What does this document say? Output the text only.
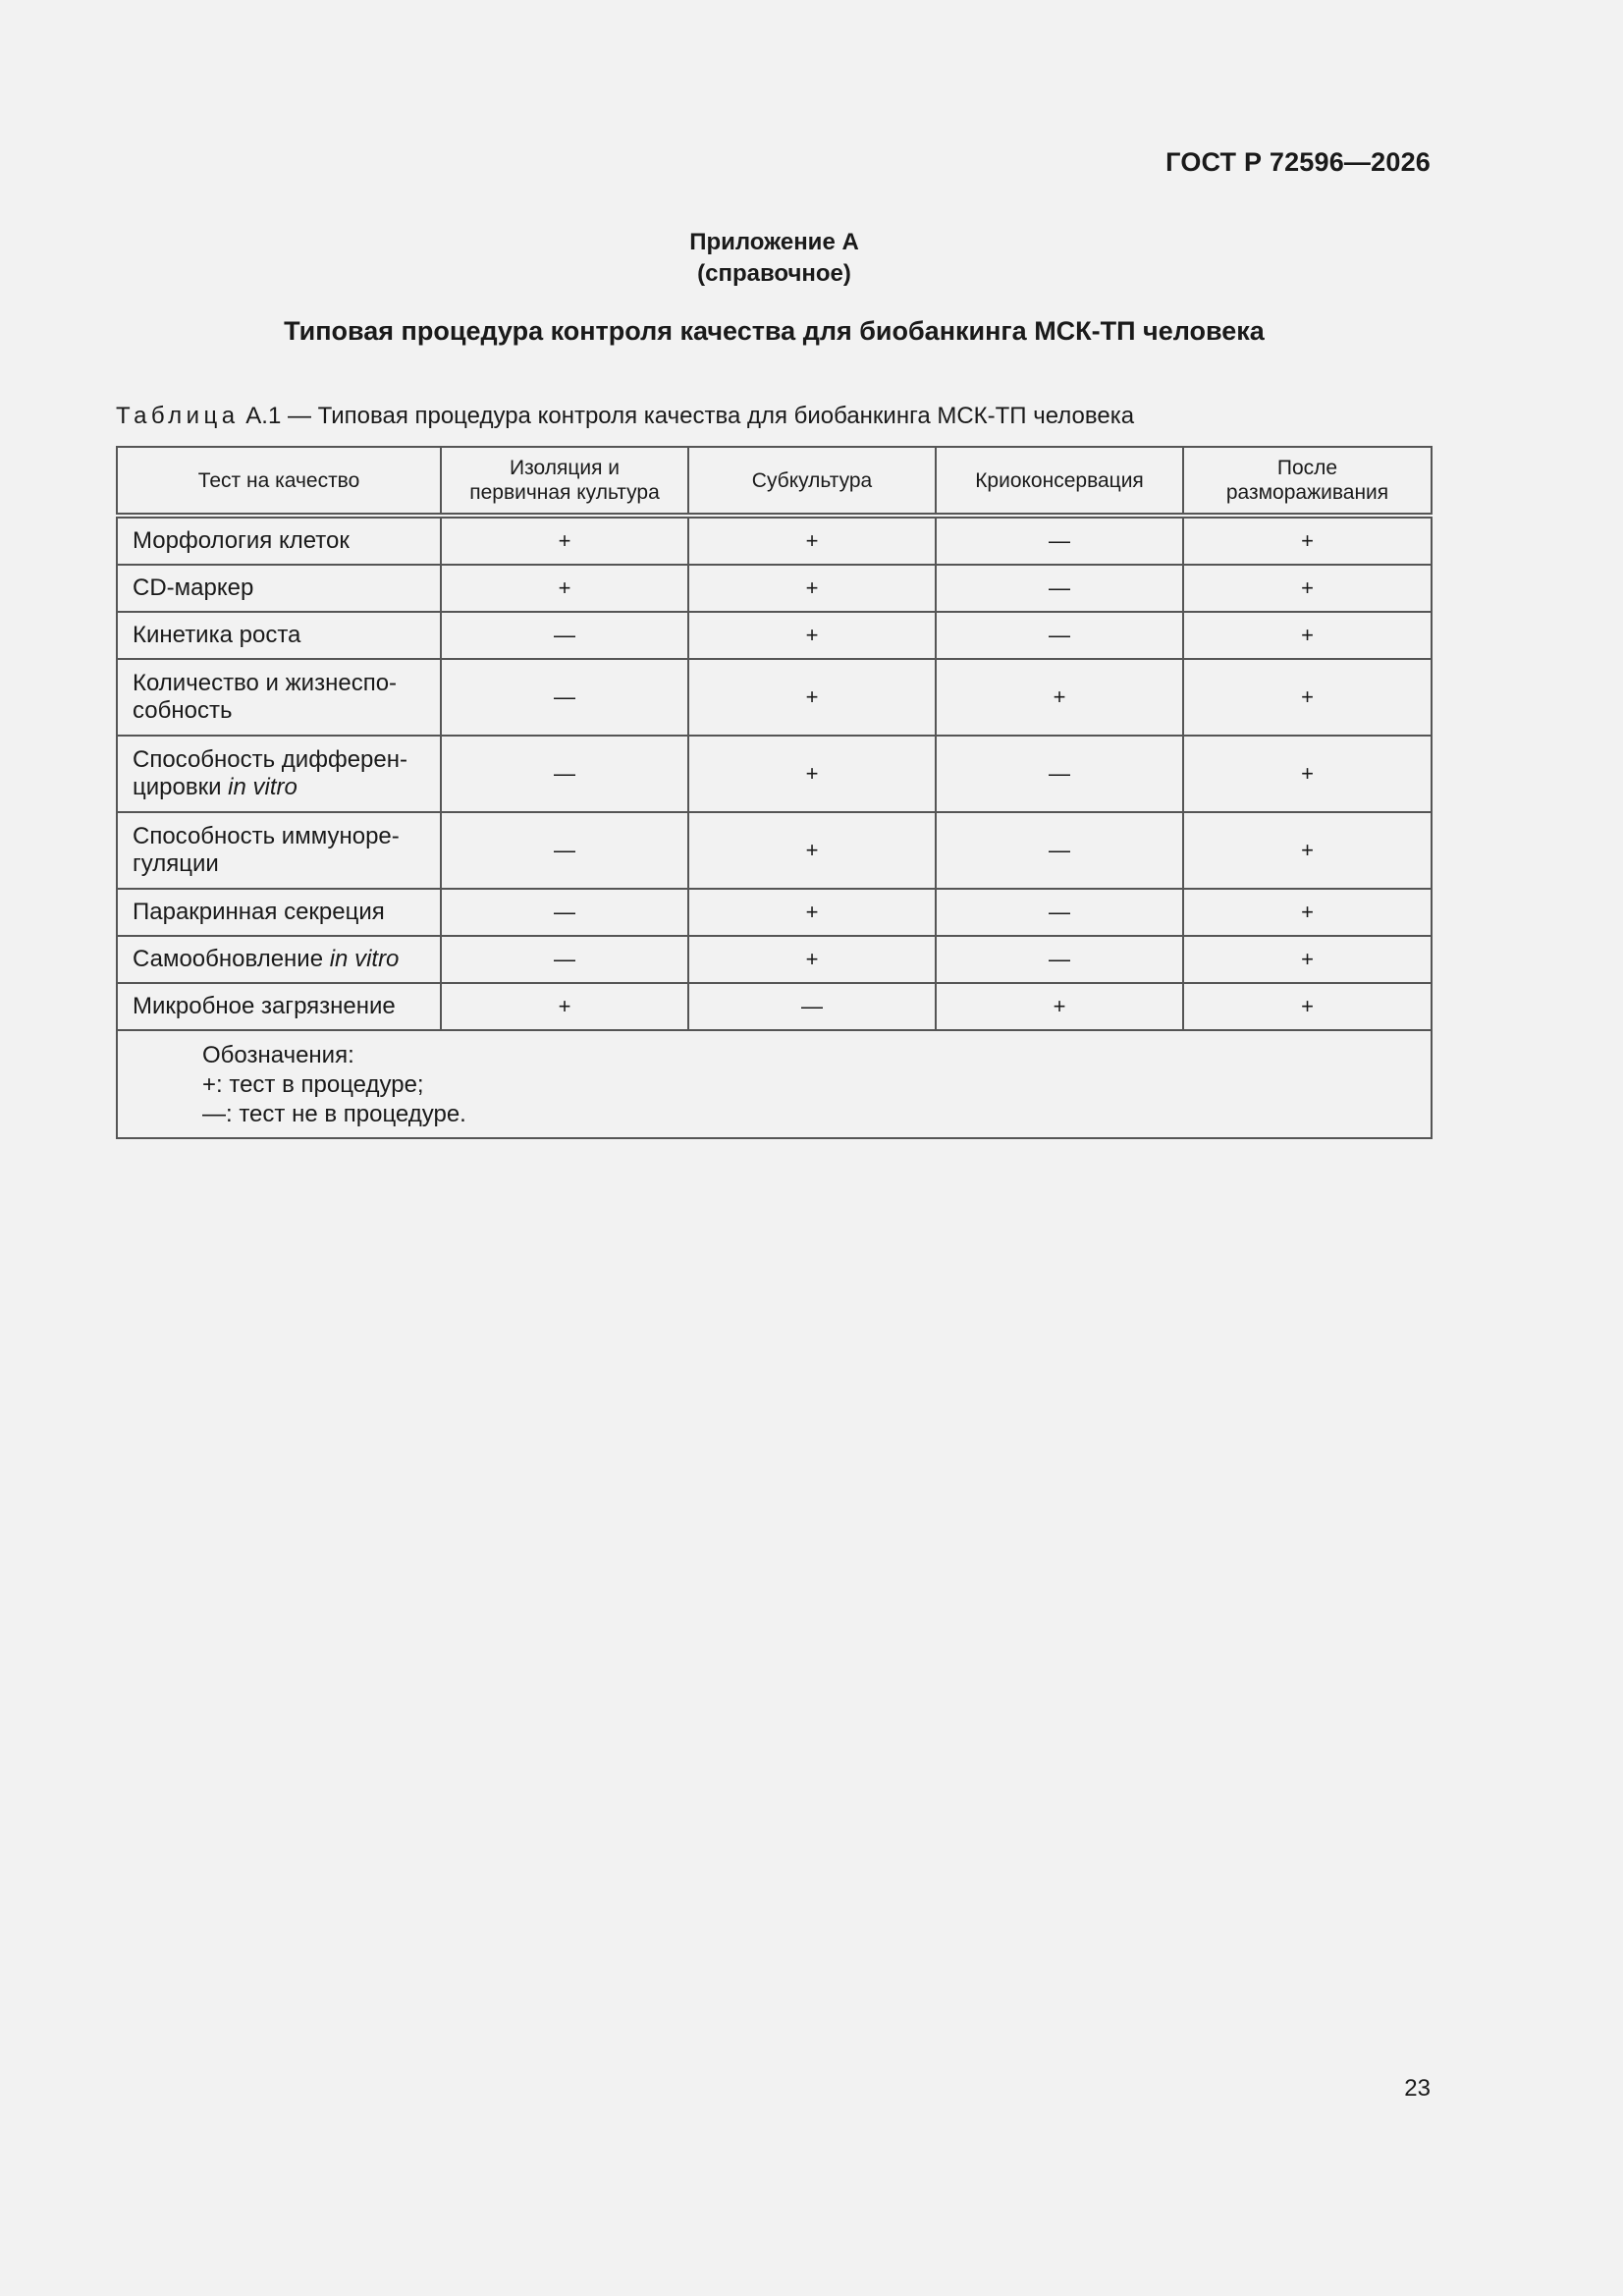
ГОСТ Р 72596—2026
Приложение А
(справочное)
Типовая процедура контроля качества для биобанкинга МСК-ТП человека
Таблица А.1 — Типовая процедура контроля качества для биобанкинга МСК-ТП человека
Тест на качество	Изоляция и первичная культура	Субкультура	Криоконсервация	После размораживания
Морфология клеток	+	+	—	+
CD-маркер	+	+	—	+
Кинетика роста	—	+	—	+
Количество и жизнеспо-собность	—	+	+	+
Способность дифферен-цировки in vitro	—	+	—	+
Способность иммуноре-гуляции	—	+	—	+
Паракринная секреция	—	+	—	+
Самообновление in vitro	—	+	—	+
Микробное загрязнение	+	—	+	+

Обозначения:
+: тест в процедуре;
—: тест не в процедуре.				
23
